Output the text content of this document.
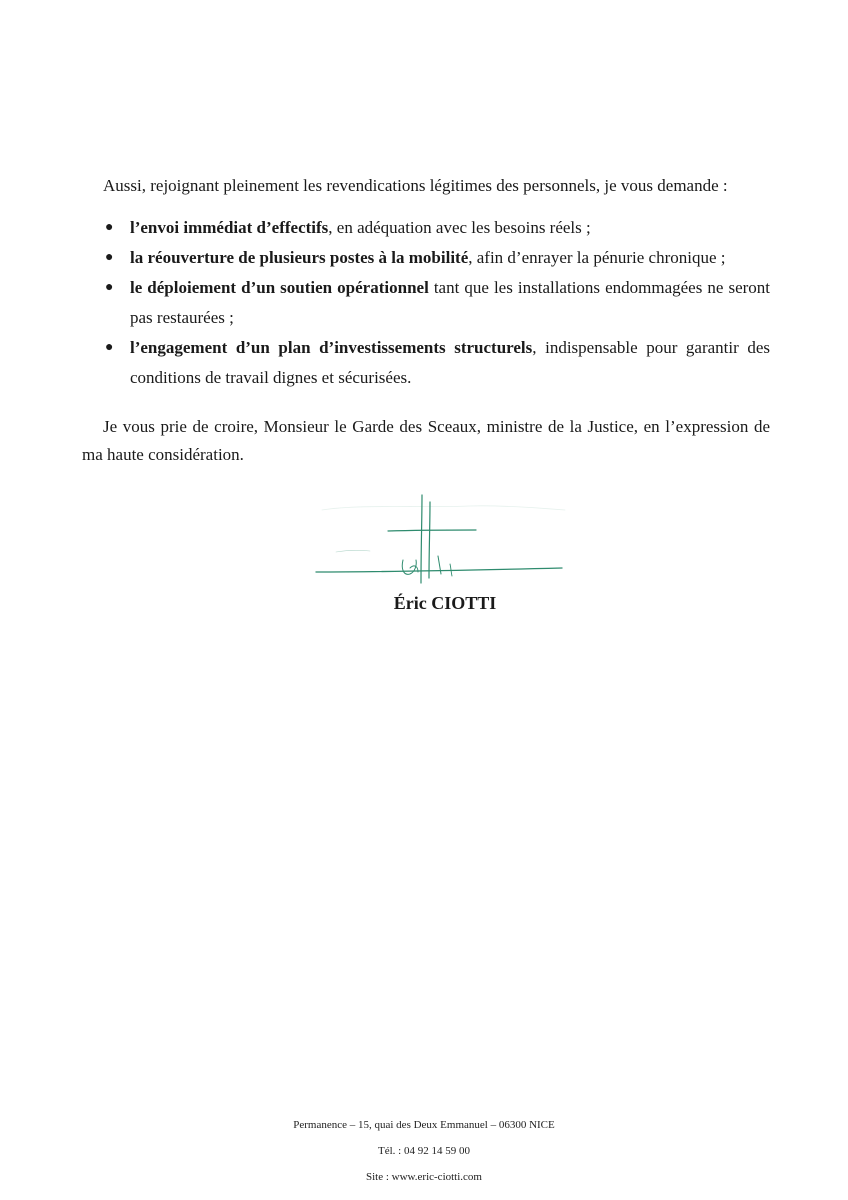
Aussi, rejoignant pleinement les revendications légitimes des personnels, je vous demande :

● l’envoi immédiat d’effectifs, en adéquation avec les besoins réels ;
● la réouverture de plusieurs postes à la mobilité, afin d’enrayer la pénurie chronique ;
● le déploiement d’un soutien opérationnel tant que les installations endommagées ne seront pas restaurées ;
● l’engagement d’un plan d’investissements structurels, indispensable pour garantir des conditions de travail dignes et sécurisées.

Je vous prie de croire, Monsieur le Garde des Sceaux, ministre de la Justice, en l’expression de ma haute considération.

Éric CIOTTI
Permanence – 15, quai des Deux Emmanuel – 06300 NICE
Tél. : 04 92 14 59 00
Site : www.eric-ciotti.com
